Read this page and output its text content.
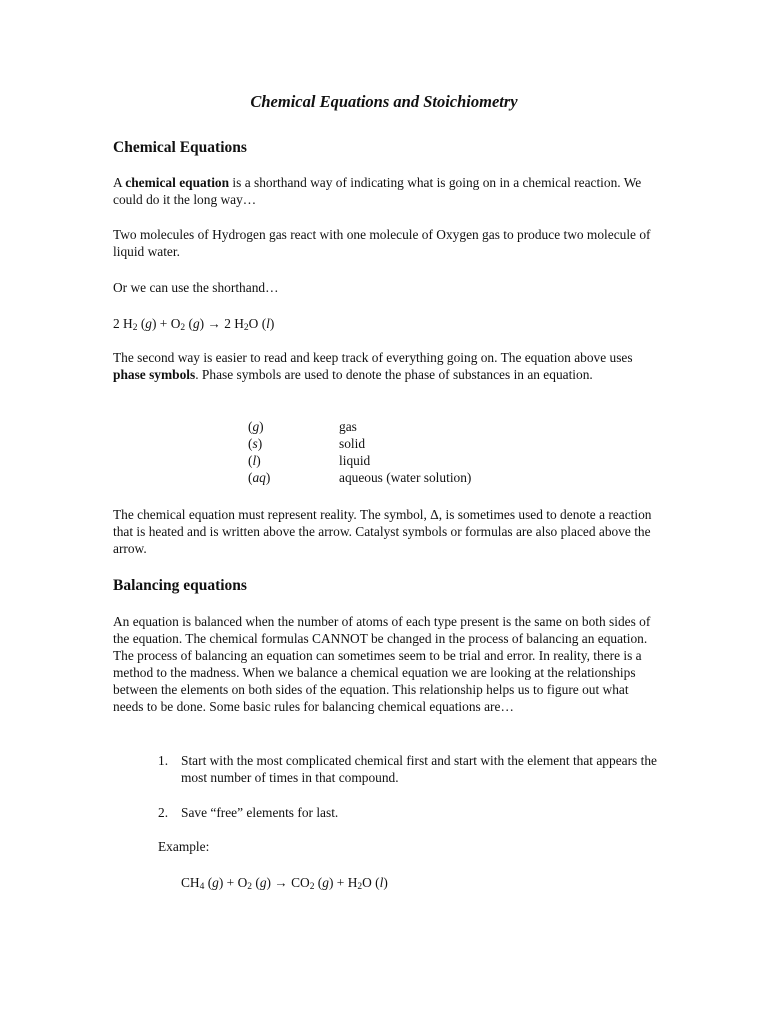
Chemical Equations and Stoichiometry

Chemical Equations

A chemical equation is a shorthand way of indicating what is going on in a chemical reaction. We could do it the long way…

Two molecules of Hydrogen gas react with one molecule of Oxygen gas to produce two molecule of liquid water.

Or we can use the shorthand…

2 $H_2$ $(g) + O_2$ (g) → 2 $H_2O$ (l)

The second way is easier to read and keep track of everything going on. The equation above uses phase symbols. Phase symbols are used to denote the phase of substances in an equation.

(g)	gas
(s)	solid
(l)	liquid
(aq)	aqueous (water solution)

The chemical equation must represent reality. The symbol, Δ, is sometimes used to denote a reaction that is heated and is written above the arrow. Catalyst symbols or formulas are also placed above the arrow.

Balancing equations

An equation is balanced when the number of atoms of each type present is the same on both sides of the equation. The chemical formulas CANNOT be changed in the process of balancing an equation. The process of balancing an equation can sometimes seem to be trial and error. In reality, there is a method to the madness. When we balance a chemical equation we are looking at the relationships between the elements on both sides of the equation. This relationship helps us to figure out what needs to be done. Some basic rules for balancing chemical equations are…

1. Start with the most complicated chemical first and start with the element that appears the most number of times in that compound.
2. Save “free” elements for last.

Example:

$CH_4$ $(g) + O_2$ $(g) \to CO_2$ $(g) + H_2O$ (l)
